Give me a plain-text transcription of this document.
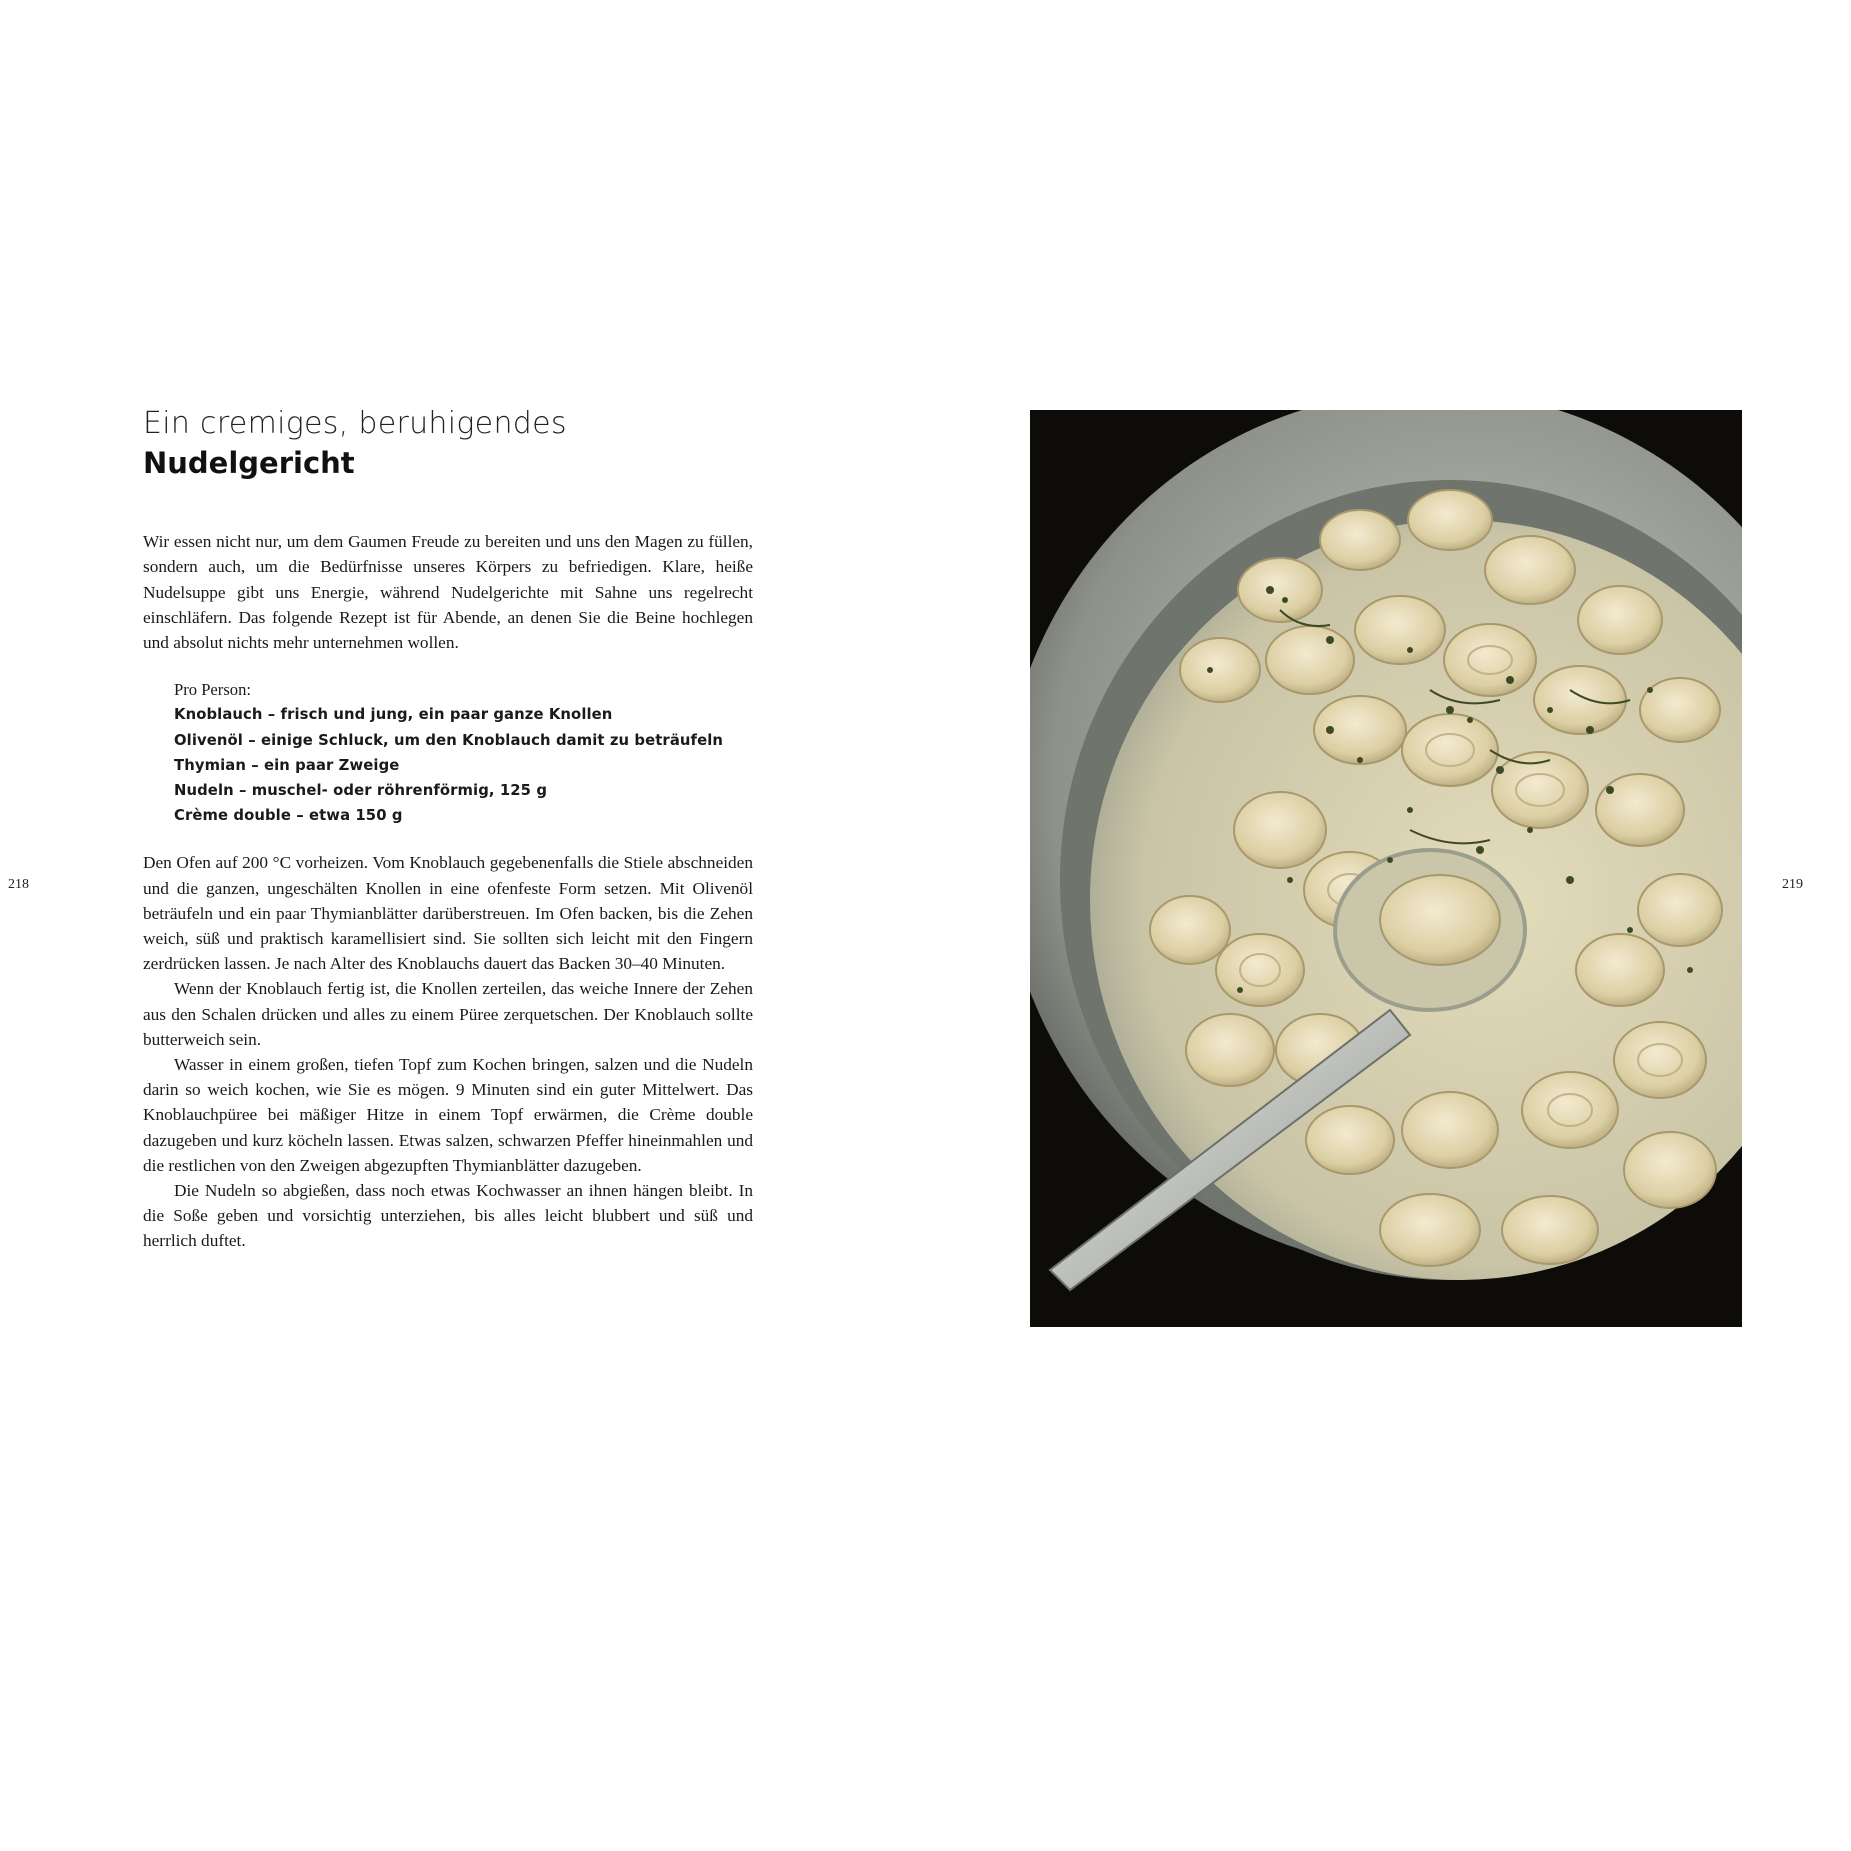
Ein cremiges, beruhigendes
Nudelgericht

Wir essen nicht nur, um dem Gaumen Freude zu bereiten und uns den Magen zu füllen, sondern auch, um die Bedürfnisse unseres Körpers zu befriedigen. Klare, heiße Nudelsuppe gibt uns Energie, während Nudelgerichte mit Sahne uns regelrecht einschläfern. Das folgende Rezept ist für Abende, an denen Sie die Beine hochlegen und absolut nichts mehr unternehmen wollen.

Pro Person:
Knoblauch – frisch und jung, ein paar ganze Knollen
Olivenöl – einige Schluck, um den Knoblauch damit zu beträufeln
Thymian – ein paar Zweige
Nudeln – muschel- oder röhrenförmig, 125 g
Crème double – etwa 150 g

Den Ofen auf 200 °C vorheizen. Vom Knoblauch gegebenenfalls die Stiele abschneiden und die ganzen, ungeschälten Knollen in eine ofenfeste Form setzen. Mit Olivenöl beträufeln und ein paar Thymianblätter darüberstreuen. Im Ofen backen, bis die Zehen weich, süß und praktisch karamellisiert sind. Sie sollten sich leicht mit den Fingern zerdrücken lassen. Je nach Alter des Knoblauchs dauert das Backen 30–40 Minuten.

Wenn der Knoblauch fertig ist, die Knollen zerteilen, das weiche Innere der Zehen aus den Schalen drücken und alles zu einem Püree zerquetschen. Der Knoblauch sollte butterweich sein.

Wasser in einem großen, tiefen Topf zum Kochen bringen, salzen und die Nudeln darin so weich kochen, wie Sie es mögen. 9 Minuten sind ein guter Mittelwert. Das Knoblauchpüree bei mäßiger Hitze in einem Topf erwärmen, die Crème double dazugeben und kurz köcheln lassen. Etwas salzen, schwarzen Pfeffer hineinmahlen und die restlichen von den Zweigen abgezupften Thymianblätter dazugeben.

Die Nudeln so abgießen, dass noch etwas Kochwasser an ihnen hängen bleibt. In die Soße geben und vorsichtig unterziehen, bis alles leicht blubbert und süß und herrlich duftet.

218	219
